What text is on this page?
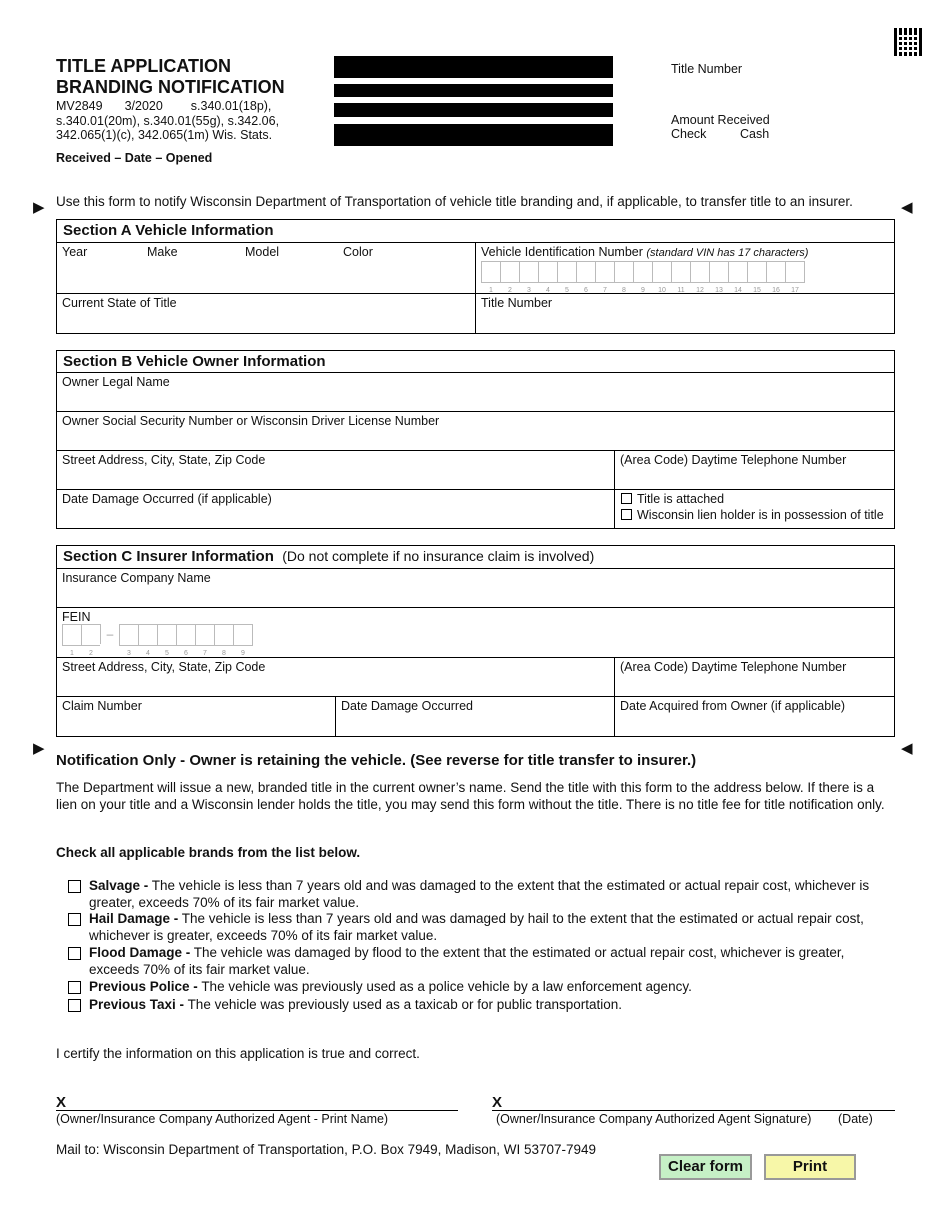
TITLE APPLICATION
BRANDING NOTIFICATION
MV2849 3/2020 s.340.01(18p),
s.340.01(20m), s.340.01(55g), s.342.06,
342.065(1)(c), 342.065(1m) Wis. Stats.
Received – Date – Opened
Title Number
Amount Received
Check	Cash
▶	◀
Use this form to notify Wisconsin Department of Transportation of vehicle title branding and, if applicable, to transfer title to an insurer.
Section A Vehicle Information
Year	Make	Model	Color	Vehicle Identification Number (standard VIN has 17 characters)
1	2	3	4	5	6	7	8	9	10	11	12	13	14	15	16	17
Current State of Title	Title Number
Section B Vehicle Owner Information
Owner Legal Name
Owner Social Security Number or Wisconsin Driver License Number
Street Address, City, State, Zip Code	(Area Code) Daytime Telephone Number
Date Damage Occurred (if applicable)	Title is attached
Wisconsin lien holder is in possession of title
Section C Insurer Information (Do not complete if no insurance claim is involved)
Insurance Company Name
FEIN
1	2
–
3	4	5	6	7	8	9
Street Address, City, State, Zip Code	(Area Code) Daytime Telephone Number
Claim Number	Date Damage Occurred	Date Acquired from Owner (if applicable)
▶	◀
Notification Only - Owner is retaining the vehicle. (See reverse for title transfer to insurer.)
The Department will issue a new, branded title in the current owner’s name. Send the title with this form to the address below. If there is a lien on your title and a Wisconsin lender holds the title, you may send this form without the title. There is no title fee for title notification only.
Check all applicable brands from the list below.
Salvage - The vehicle is less than 7 years old and was damaged to the extent that the estimated or actual repair cost, whichever is greater, exceeds 70% of its fair market value.
Hail Damage - The vehicle is less than 7 years old and was damaged by hail to the extent that the estimated or actual repair cost, whichever is greater, exceeds 70% of its fair market value.
Flood Damage - The vehicle was damaged by flood to the extent that the estimated or actual repair cost, whichever is greater, exceeds 70% of its fair market value.
Previous Police - The vehicle was previously used as a police vehicle by a law enforcement agency.
Previous Taxi - The vehicle was previously used as a taxicab or for public transportation.
I certify the information on this application is true and correct.
X
(Owner/Insurance Company Authorized Agent - Print Name)
X
(Owner/Insurance Company Authorized Agent Signature) (Date)
Mail to: Wisconsin Department of Transportation, P.O. Box 7949, Madison, WI 53707-7949
Clear form	Print
